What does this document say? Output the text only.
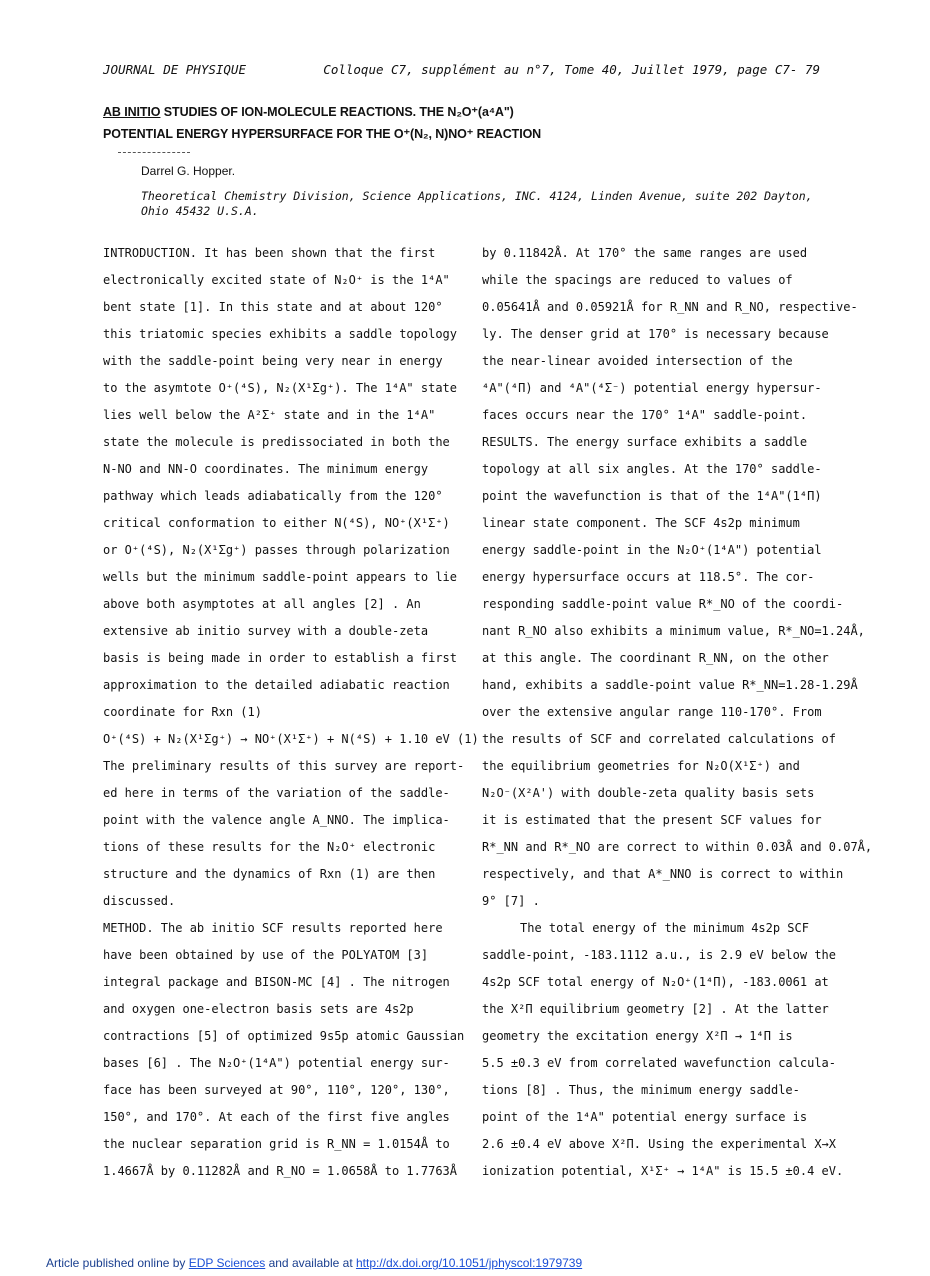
JOURNAL DE PHYSIQUE	Colloque C7, supplément au n°7, Tome 40, Juillet 1979, page C7- 79
AB INITIO STUDIES OF ION-MOLECULE REACTIONS. THE N₂O⁺(a⁴A")
POTENTIAL ENERGY HYPERSURFACE FOR THE O⁺(N₂, N)NO⁺ REACTION
Darrel G. Hopper.
Theoretical Chemistry Division, Science Applications, INC. 4124, Linden Avenue, suite 202 Dayton, Ohio 45432 U.S.A.
INTRODUCTION. It has been shown that the first
electronically excited state of N₂O⁺ is the 1⁴A"
bent state [1]. In this state and at about 120°
this triatomic species exhibits a saddle topology
with the saddle-point being very near in energy
to the asymtote O⁺(⁴S), N₂(X¹Σg⁺). The 1⁴A" state
lies well below the A²Σ⁺ state and in the 1⁴A"
state the molecule is predissociated in both the
N-NO and NN-O coordinates. The minimum energy
pathway which leads adiabatically from the 120°
critical conformation to either N(⁴S), NO⁺(X¹Σ⁺)
or O⁺(⁴S), N₂(X¹Σg⁺) passes through polarization
wells but the minimum saddle-point appears to lie
above both asymptotes at all angles [2] . An
extensive ab initio survey with a double-zeta
basis is being made in order to establish a first
approximation to the detailed adiabatic reaction
coordinate for Rxn (1)
O⁺(⁴S) + N₂(X¹Σg⁺) → NO⁺(X¹Σ⁺) + N(⁴S) + 1.10 eV (1)
The preliminary results of this survey are report-
ed here in terms of the variation of the saddle-
point with the valence angle A_NNO. The implica-
tions of these results for the N₂O⁺ electronic
structure and the dynamics of Rxn (1) are then
discussed.
METHOD. The ab initio SCF results reported here
have been obtained by use of the POLYATOM [3]
integral package and BISON-MC [4] . The nitrogen
and oxygen one-electron basis sets are 4s2p
contractions [5] of optimized 9s5p atomic Gaussian
bases [6] . The N₂O⁺(1⁴A") potential energy sur-
face has been surveyed at 90°, 110°, 120°, 130°,
150°, and 170°. At each of the first five angles
the nuclear separation grid is R_NN = 1.0154Å to
1.4667Å by 0.11282Å and R_NO = 1.0658Å to 1.7763Å
by 0.11842Å. At 170° the same ranges are used
while the spacings are reduced to values of
0.05641Å and 0.05921Å for R_NN and R_NO, respective-
ly. The denser grid at 170° is necessary because
the near-linear avoided intersection of the
⁴A"(⁴Π) and ⁴A"(⁴Σ⁻) potential energy hypersur-
faces occurs near the 170° 1⁴A" saddle-point.
RESULTS. The energy surface exhibits a saddle
topology at all six angles. At the 170° saddle-
point the wavefunction is that of the 1⁴A"(1⁴Π)
linear state component. The SCF 4s2p minimum
energy saddle-point in the N₂O⁺(1⁴A") potential
energy hypersurface occurs at 118.5°. The cor-
responding saddle-point value R*_NO of the coordi-
nant R_NO also exhibits a minimum value, R*_NO=1.24Å,
at this angle. The coordinant R_NN, on the other
hand, exhibits a saddle-point value R*_NN=1.28-1.29Å
over the extensive angular range 110-170°. From
the results of SCF and correlated calculations of
the equilibrium geometries for N₂O(X¹Σ⁺) and
N₂O⁻(X²A') with double-zeta quality basis sets
it is estimated that the present SCF values for
R*_NN and R*_NO are correct to within 0.03Å and 0.07Å,
respectively, and that A*_NNO is correct to within
9° [7] .
The total energy of the minimum 4s2p SCF
saddle-point, -183.1112 a.u., is 2.9 eV below the
4s2p SCF total energy of N₂O⁺(1⁴Π), -183.0061 at
the X²Π equilibrium geometry [2] . At the latter
geometry the excitation energy X²Π → 1⁴Π is
5.5 ±0.3 eV from correlated wavefunction calcula-
tions [8] . Thus, the minimum energy saddle-
point of the 1⁴A" potential energy surface is
2.6 ±0.4 eV above X²Π. Using the experimental X→X
ionization potential, X¹Σ⁺ → 1⁴A" is 15.5 ±0.4 eV.
Article published online by EDP Sciences and available at http://dx.doi.org/10.1051/jphyscol:1979739
